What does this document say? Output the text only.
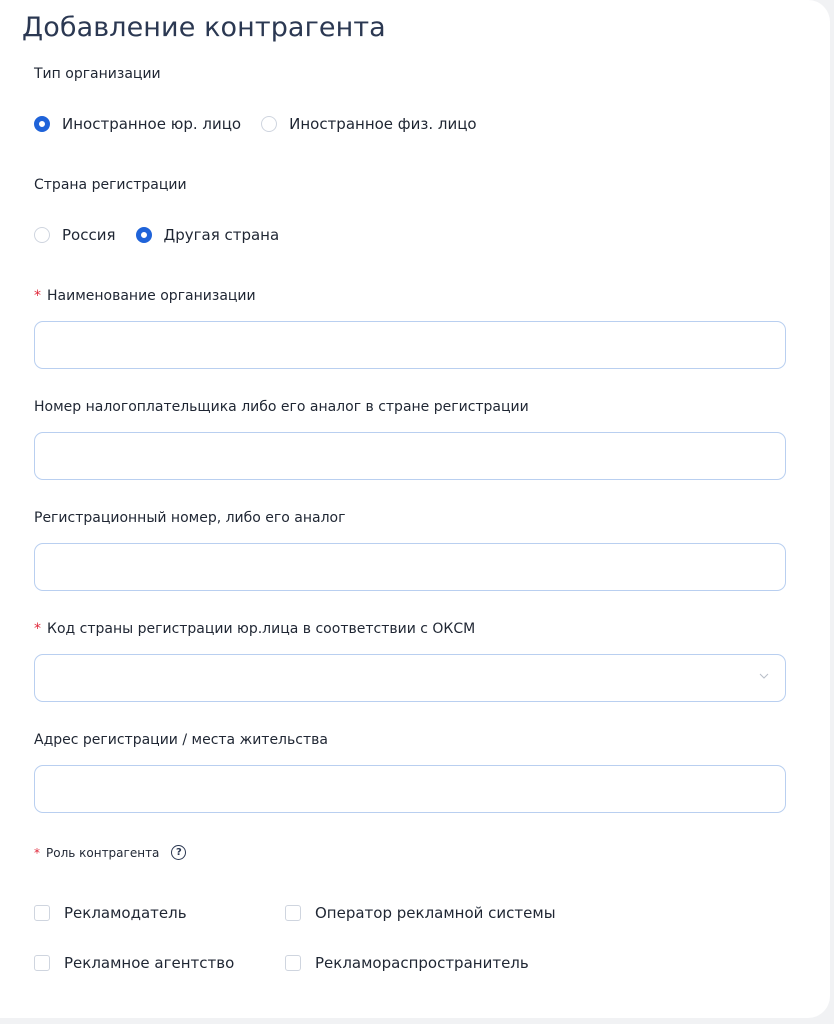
Добавление контрагента
Тип организации
Иностранное юр. лицо	Иностранное физ. лицо
Страна регистрации
Россия	Другая страна
* Наименование организации
Номер налогоплательщика либо его аналог в стране регистрации
Регистрационный номер, либо его аналог
* Код страны регистрации юр.лица в соответствии с ОКСМ
Адрес регистрации / места жительства
* Роль контрагента	?
Рекламодатель	Оператор рекламной системы
Рекламное агентство	Рекламораспространитель
